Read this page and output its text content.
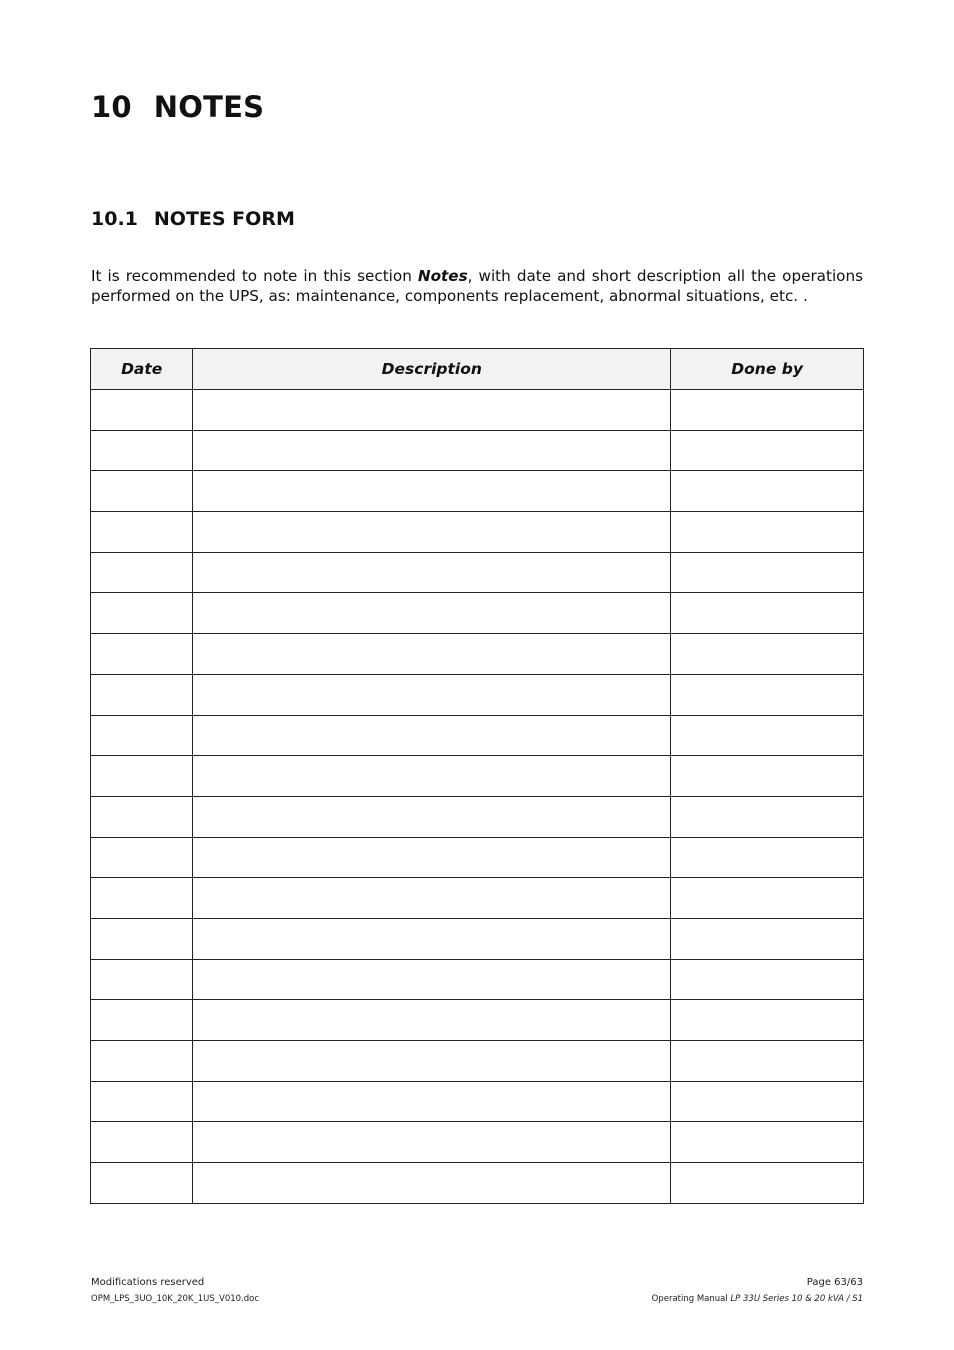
10 NOTES
10.1 NOTES FORM

It is recommended to note in this section Notes, with date and short description all the operations performed on the UPS, as: maintenance, components replacement, abnormal situations, etc. .

Date	Description	Done by

Modifications reserved
OPM_LPS_3UO_10K_20K_1US_V010.doc
Page 63/63
Operating Manual LP 33U Series 10 & 20 kVA / S1
